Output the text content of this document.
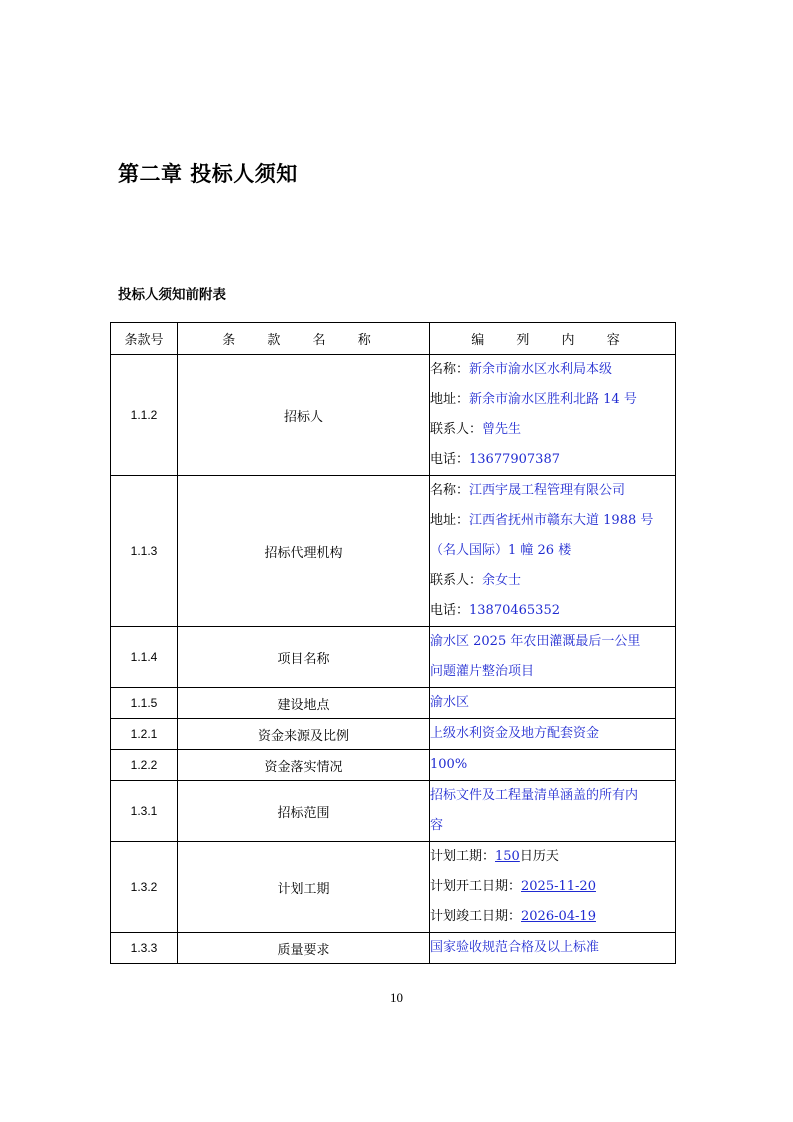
第二章 投标人须知
投标人须知前附表
条款号	条 款 名 称	编 列 内 容
1.1.2	招标人	名称：新余市渝水区水利局本级
地址：新余市渝水区胜利北路 14 号
联系人：曾先生
电话：13677907387

1.1.3	招标代理机构	名称：江西宇晟工程管理有限公司
地址：江西省抚州市赣东大道 1988 号
（名人国际）1 幢 26 楼
联系人：余女士
电话：13870465352

1.1.4	项目名称	渝水区 2025 年农田灌溉最后一公里
问题灌片整治项目

1.1.5	建设地点	渝水区

1.2.1	资金来源及比例	上级水利资金及地方配套资金

1.2.2	资金落实情况	100%

1.3.1	招标范围	招标文件及工程量清单涵盖的所有内
容

1.3.2	计划工期	计划工期：150日历天
计划开工日期：2025-11-20
计划竣工日期：2026-04-19

1.3.3	质量要求	国家验收规范合格及以上标准
10
